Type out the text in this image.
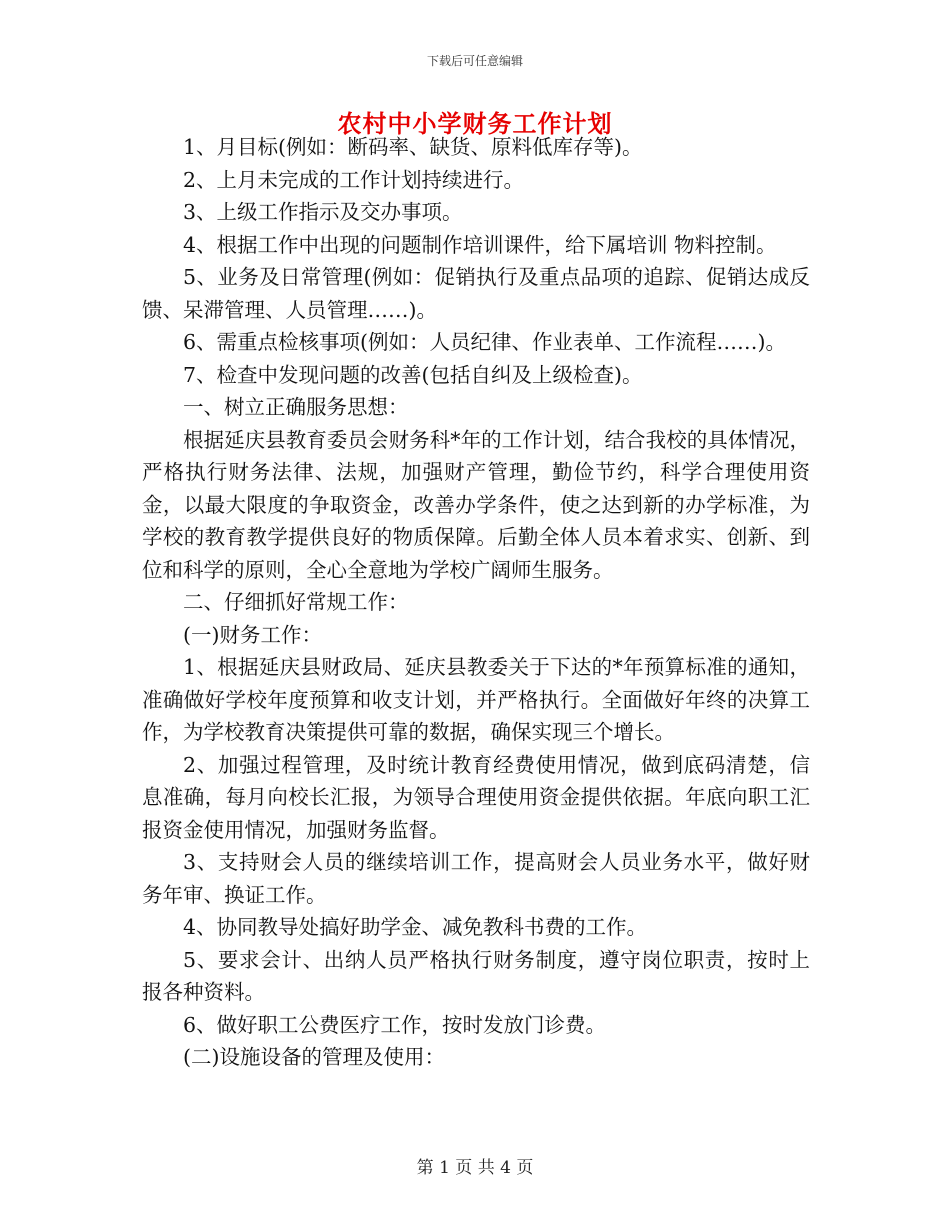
下载后可任意编辑
农村中小学财务工作计划

1、月目标(例如：断码率、缺货、原料低库存等)。

2、上月未完成的工作计划持续进行。

3、上级工作指示及交办事项。

4、根据工作中出现的问题制作培训课件，给下属培训 物料控制。

5、业务及日常管理(例如：促销执行及重点品项的追踪、促销达成反馈、呆滞管理、人员管理……)。

6、需重点检核事项(例如：人员纪律、作业表单、工作流程……)。

7、检查中发现问题的改善(包括自纠及上级检查)。

一、树立正确服务思想：

根据延庆县教育委员会财务科*年的工作计划，结合我校的具体情况，严格执行财务法律、法规，加强财产管理，勤俭节约，科学合理使用资金，以最大限度的争取资金，改善办学条件，使之达到新的办学标准，为学校的教育教学提供良好的物质保障。后勤全体人员本着求实、创新、到位和科学的原则，全心全意地为学校广阔师生服务。

二、仔细抓好常规工作：

(一)财务工作：

1、根据延庆县财政局、延庆县教委关于下达的*年预算标准的通知，准确做好学校年度预算和收支计划，并严格执行。全面做好年终的决算工作，为学校教育决策提供可靠的数据，确保实现三个增长。

2、加强过程管理，及时统计教育经费使用情况，做到底码清楚，信息准确，每月向校长汇报，为领导合理使用资金提供依据。年底向职工汇报资金使用情况，加强财务监督。

3、支持财会人员的继续培训工作，提高财会人员业务水平，做好财务年审、换证工作。

4、协同教导处搞好助学金、减免教科书费的工作。

5、要求会计、出纳人员严格执行财务制度，遵守岗位职责，按时上报各种资料。

6、做好职工公费医疗工作，按时发放门诊费。

(二)设施设备的管理及使用：

第 1 页 共 4 页
